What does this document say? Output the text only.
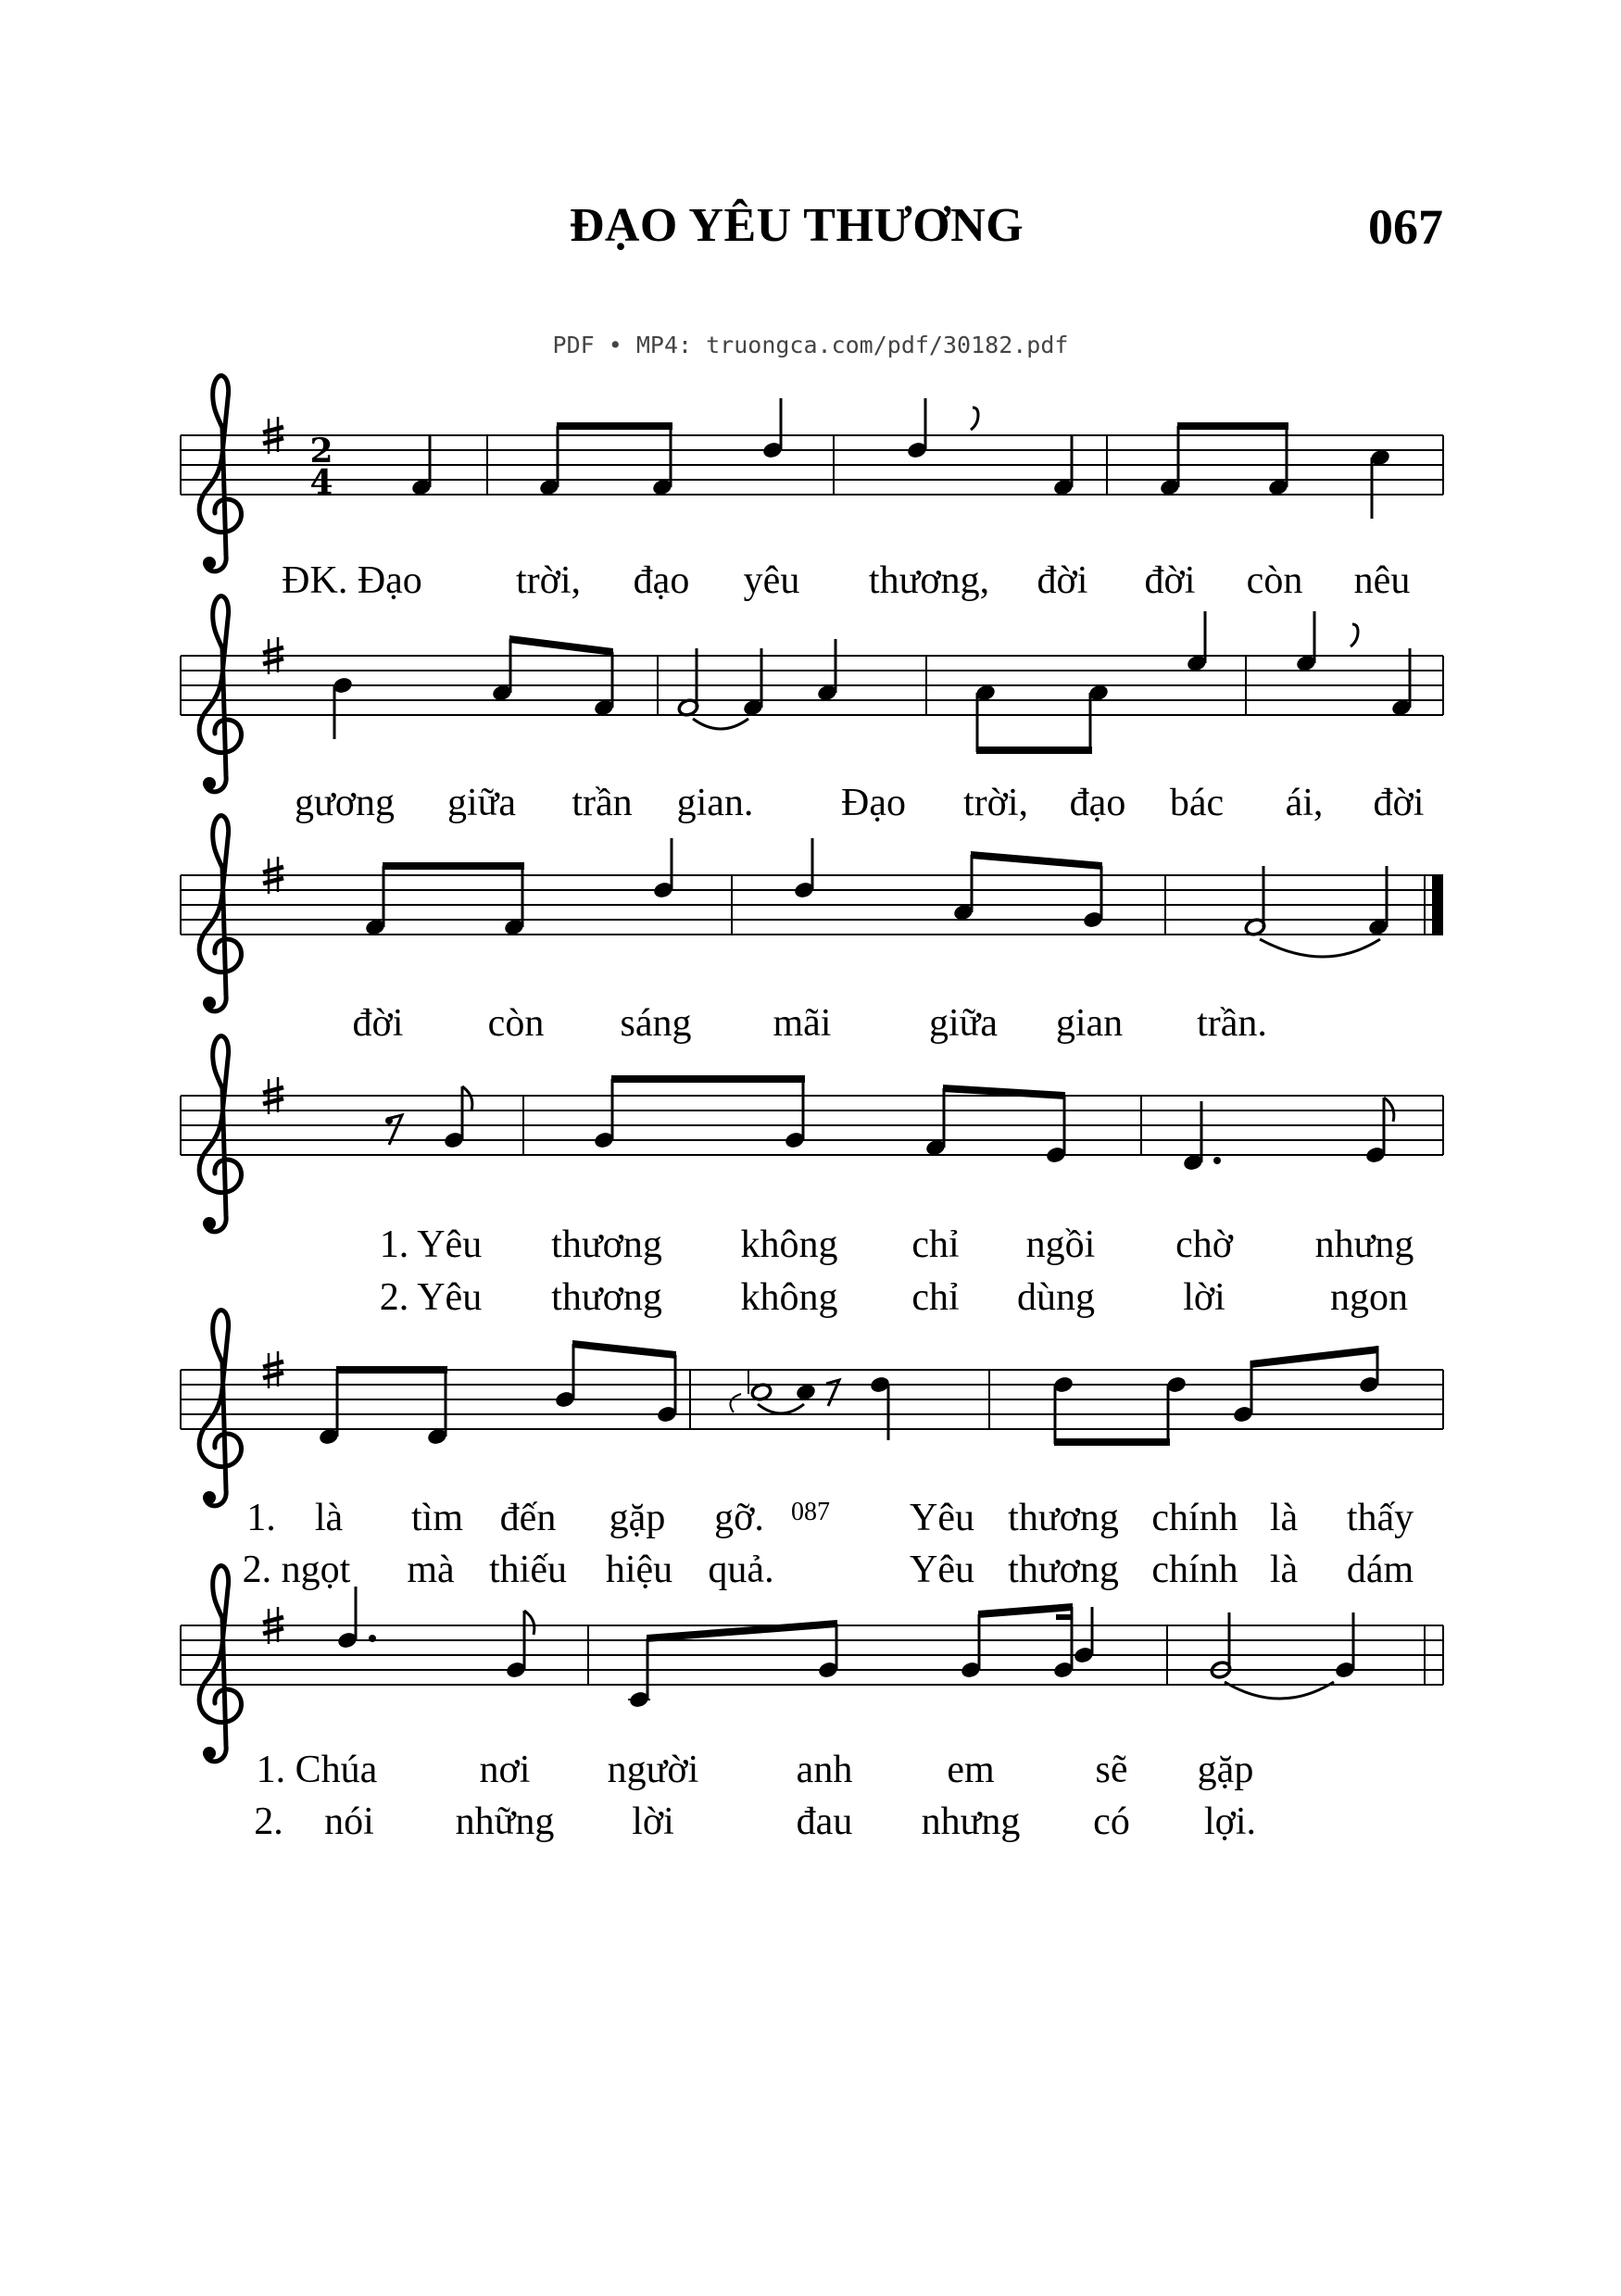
ĐẠO YÊU THƯƠNG	067
PDF • MP4: truongca.com/pdf/30182.pdf
2
4
ĐK. Đạo trời, đạo yêu thương, đời đời còn nêu
gương giữa trần gian. Đạo trời, đạo bác ái, đời
đời còn sáng mãi	giữa gian trần.
1. Yêu thương không chỉ ngồi chờ nhưng
2. Yêu thương không chỉ dùng lời	ngon
1. là tìm đến gặp gỡ.	Yêu thương chính là thấy
2. ngọt mà thiếu hiệu quả.	Yêu thương chính là dám
1. Chúa	nơi người	anh em	sẽ gặp
2. nói những lời	đau nhưng có lợi.
087
